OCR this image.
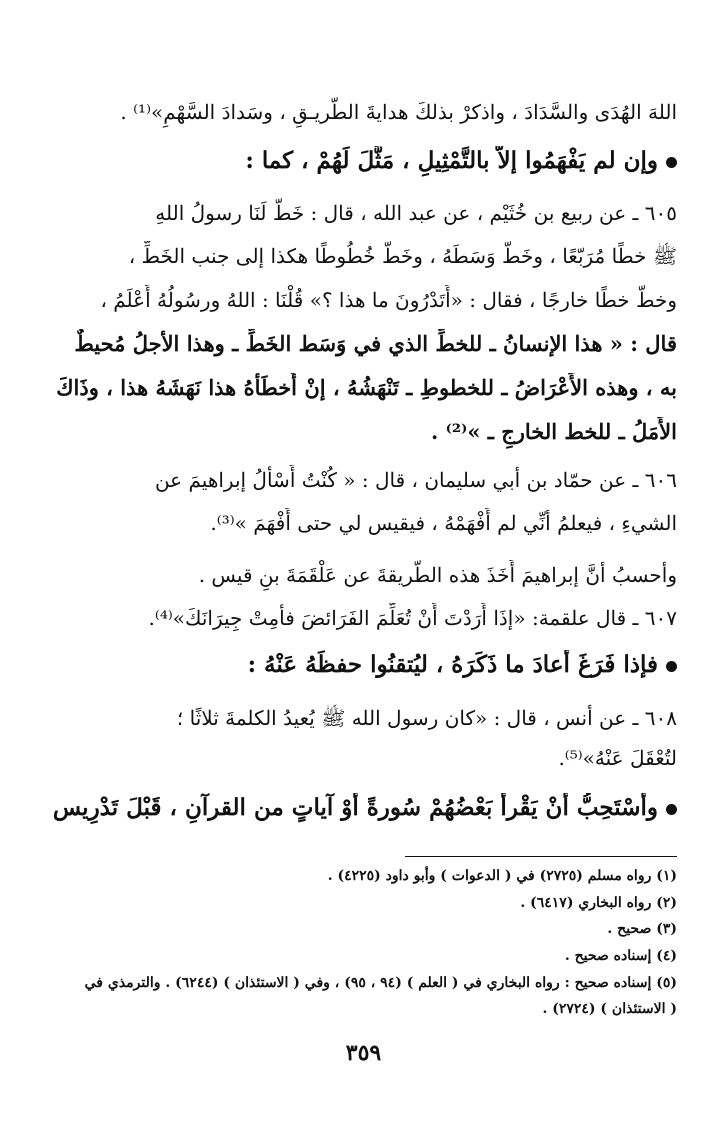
اللهَ الهُدَى والسَّدَادَ ، واذكرْ بذلكَ هدايةَ الطَّريـقِ ، وسَدادَ السَّهْمِ»⁽¹⁾ .
وإن لم يَفْهَمُوا إلاَّ بالتَّمْثِيلِ ، مَثَّلَ لَهُمْ ، كما :
٦٠٥ ـ عن ربيع بن خُثَيْم ، عن عبد الله ، قال : خَطَّ لَنَا رسولُ اللهِ
ﷺ خطًا مُرَبّعًا ، وخَطَّ وَسَطَهُ ، وخَطَّ خُطُوطًا هكذا إلى جنب الخَطِّ ،
وخطَّ خطًا خارجًا ، فقال : «أَتَدْرُونَ ما هذا ؟» قُلْنَا : اللهُ ورسُولُهُ أَعْلَمُ ،
قال : « هذا الإنسانُ ـ للخطِّ الذي في وَسَط الخَطِّ ـ وهذا الأجلُ مُحيطٌ
به ، وهذه الأَعْرَاضُ ـ للخطوطِ ـ تَنْهَشُهُ ، إنْ أَخطَأَهُ هذا نَهَشَهُ هذا ، وذَاكَ
الأَمَلُ ـ للخط الخارجِ ـ »⁽²⁾ .
٦٠٦ ـ عن حمّاد بن أبي سليمان ، قال : « كُنْتُ أَسْأَلُ إبراهيمَ عن
الشيءِ ، فيعلمُ أنِّي لم أَفْهَمْهُ ، فيقيس لي حتى أَفْهَمَ »⁽³⁾.
وأحسبُ أنَّ إبراهيمَ أَخَذَ هذه الطَّريقةَ عن عَلْقَمَةَ بنِ قيس .
٦٠٧ ـ قال علقمة: «إذَا أَرَدْتَ أَنْ تُعَلِّمَ الفَرَائضَ فأَمِتْ جِيرَانَكَ»⁽⁴⁾.
فإذا فَرَغَ أعادَ ما ذَكَرَهُ ، ليُتقنُوا حفظَهُ عَنْهُ :
٦٠٨ ـ عن أنس ، قال : «كان رسول الله ﷺ يُعيدُ الكلمةَ ثلاثًا ؛
لتُعْقَلَ عَنْهُ»⁽⁵⁾.
وأَسْتَحِبُّ أَنْ يَقْرأَ بَعْضُهُمْ سُورةً أَوْ آياتٍ من القرآنِ ، قَبْلَ تَدْرِيس
(١) رواه مسلم (٢٧٢٥) في ( الدعوات ) وأبو داود (٤٢٢٥) .
(٢) رواه البخاري (٦٤١٧) .
(٣) صحيح .
(٤) إسناده صحيح .
(٥) إسناده صحيح : رواه البخاري في ( العلم ) (٩٤ ، ٩٥) ، وفي ( الاستئذان ) (٦٢٤٤) . والترمذي في
( الاستئذان ) (٢٧٢٤) .
٣٥٩
